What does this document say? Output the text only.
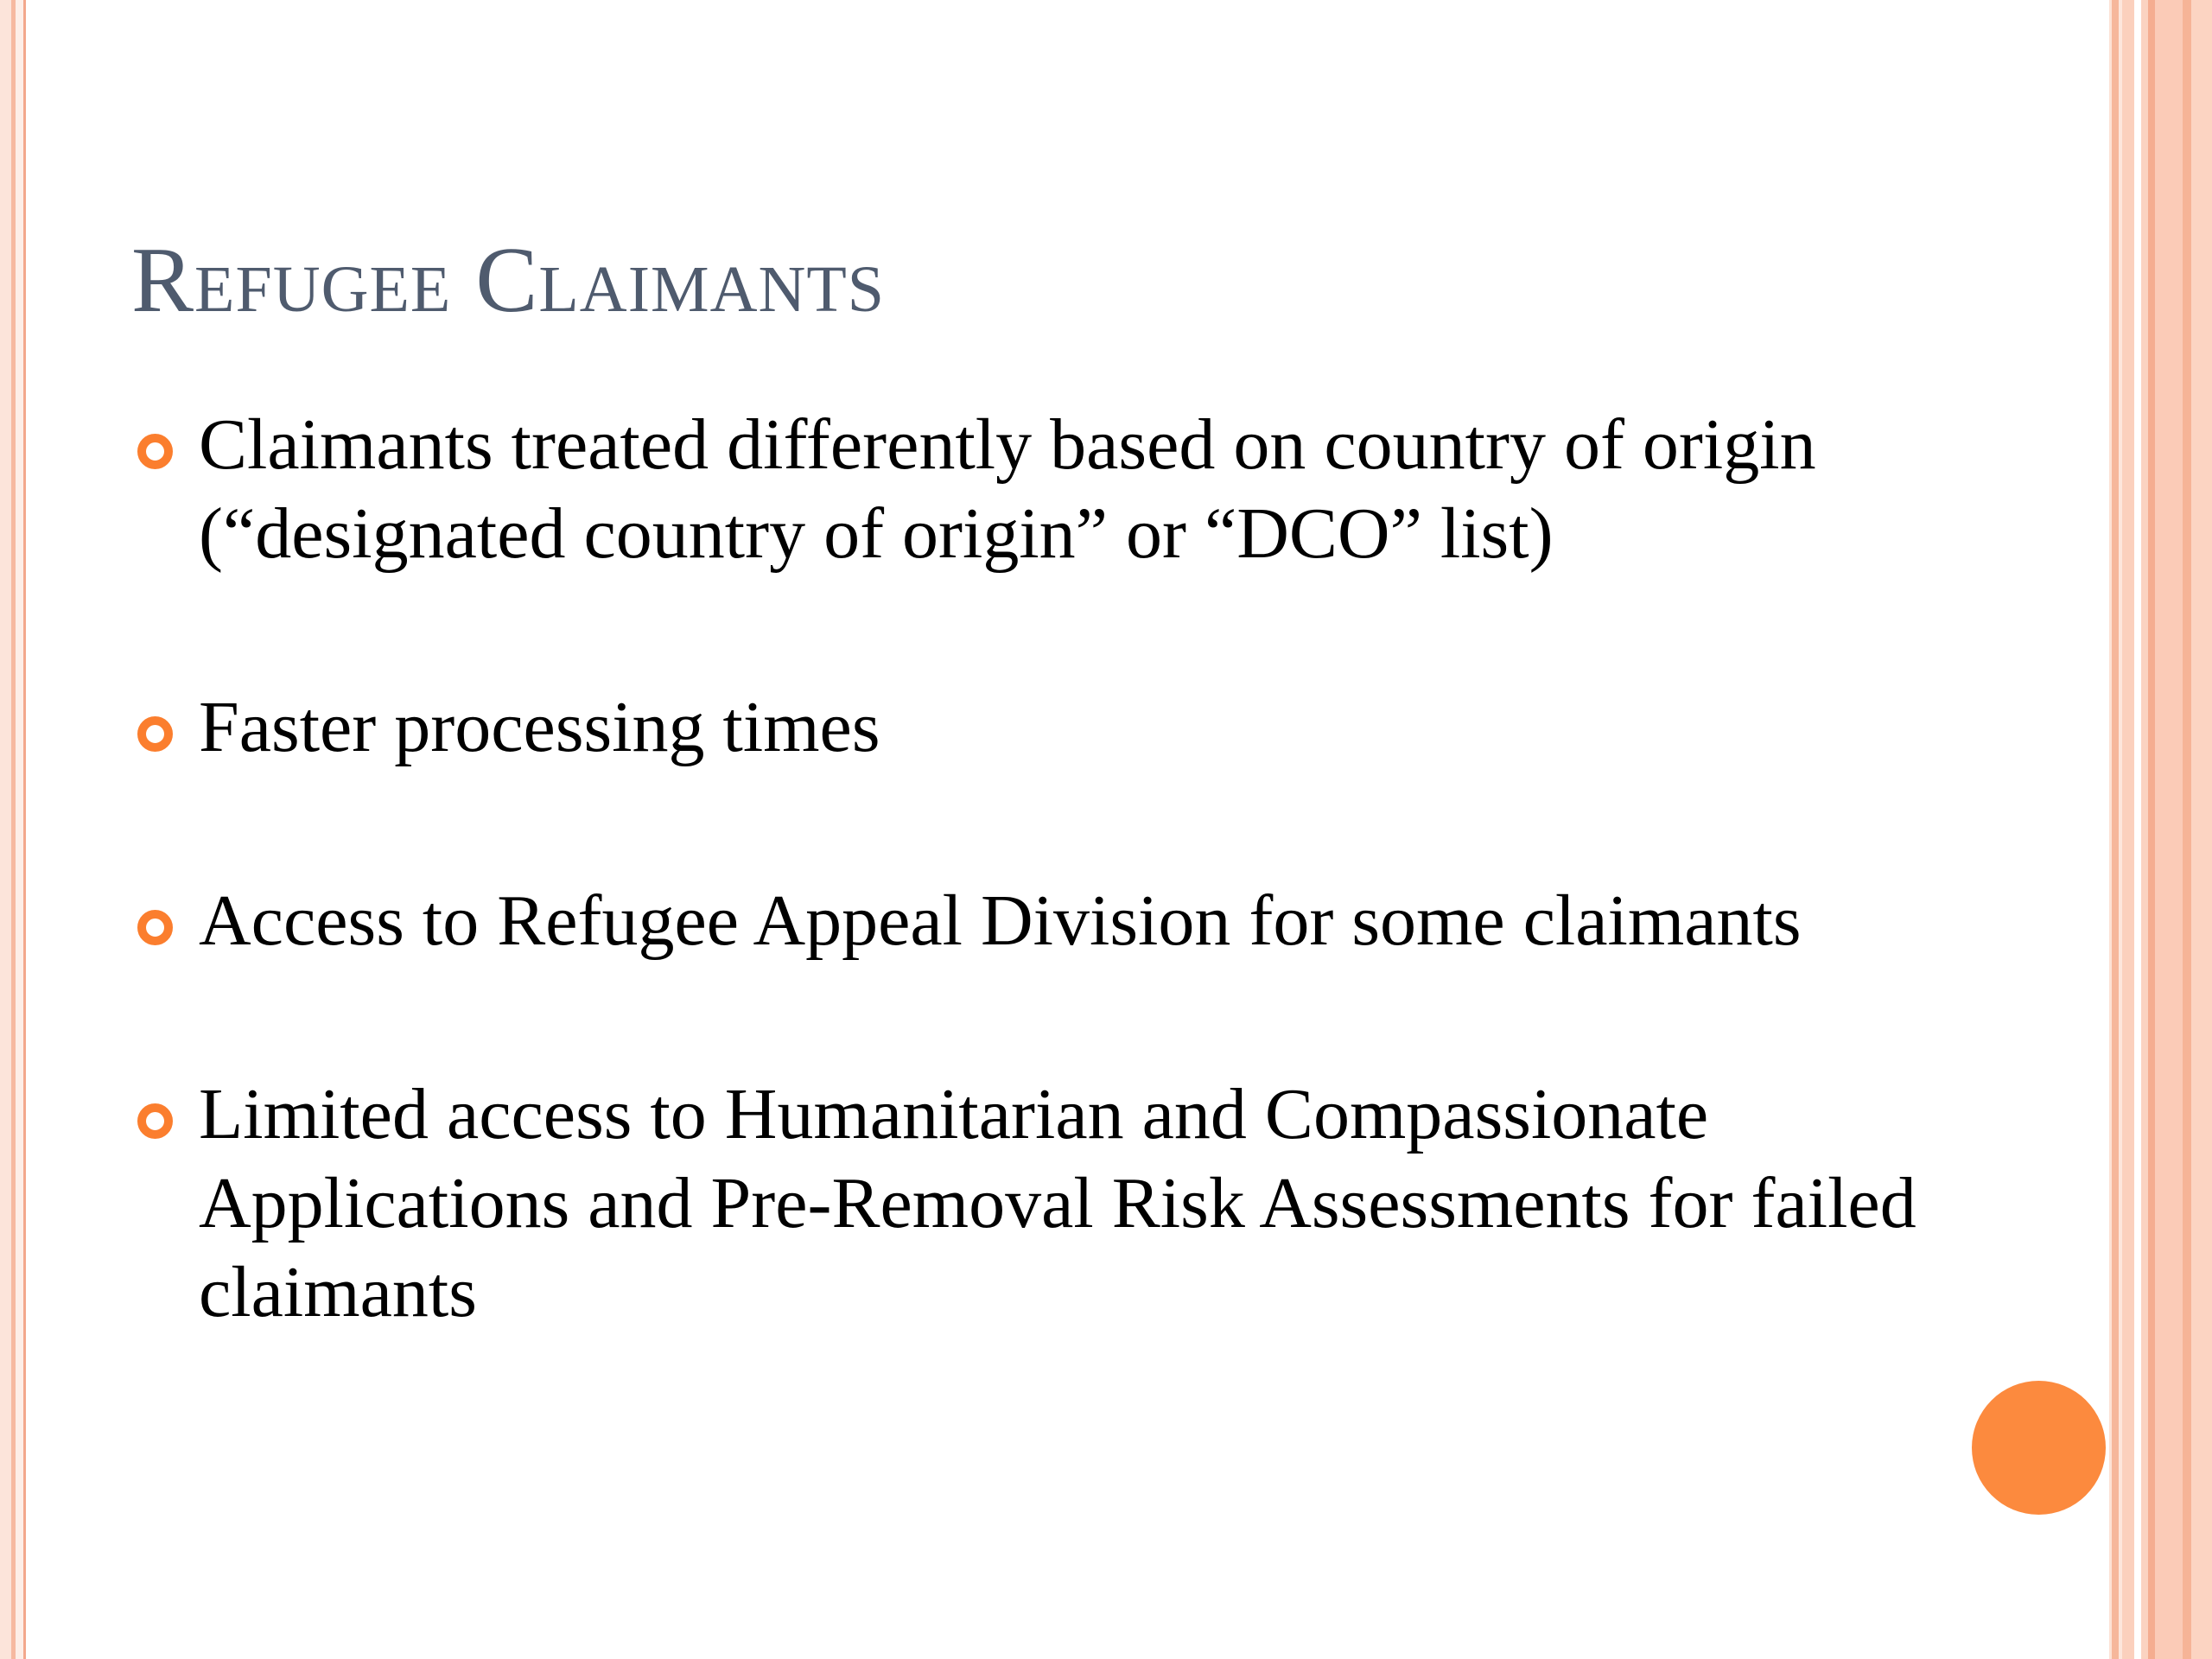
Refugee Claimants
Claimants treated differently based on country of origin (“designated country of origin” or “DCO” list)
Faster processing times
Access to Refugee Appeal Division for some claimants
Limited access to Humanitarian and Compassionate Applications and Pre-Removal Risk Assessments for failed claimants
